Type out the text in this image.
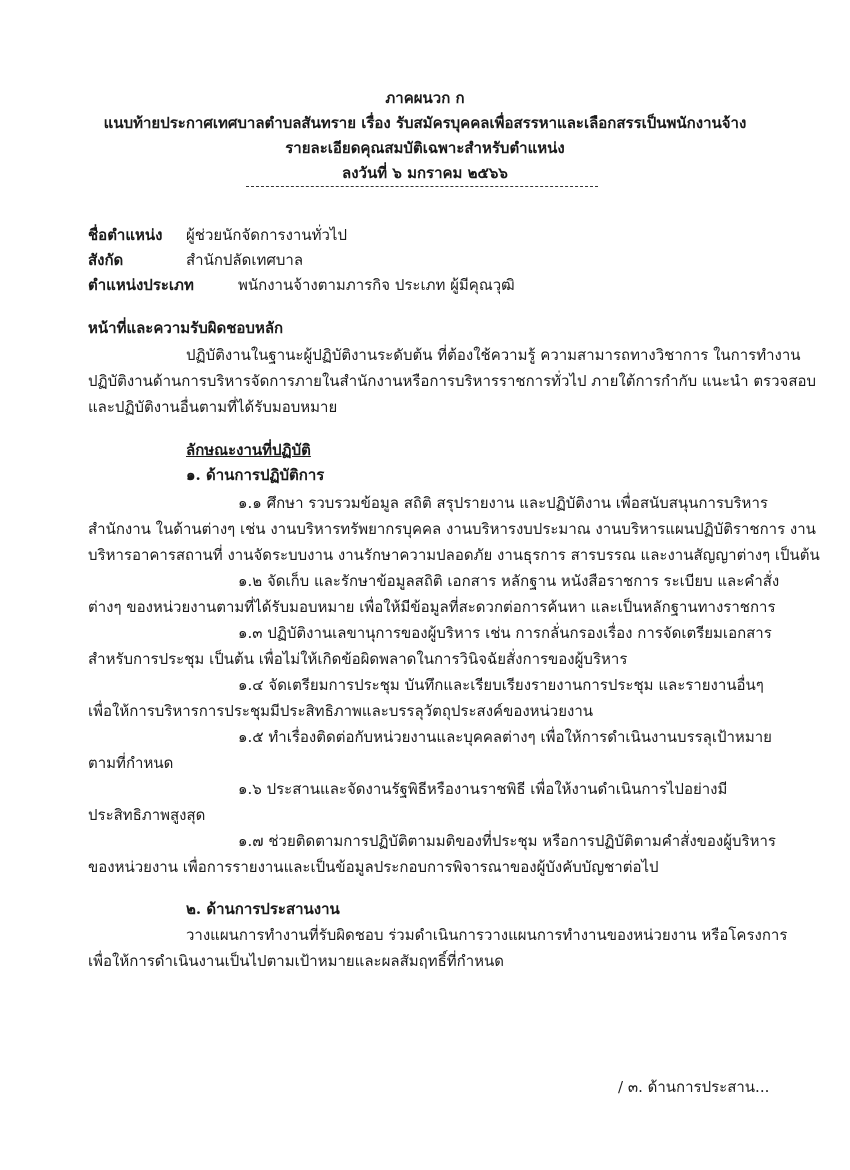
ภาคผนวก ก
แนบท้ายประกาศเทศบาลตำบลสันทราย เรื่อง รับสมัครบุคคลเพื่อสรรหาและเลือกสรรเป็นพนักงานจ้าง
รายละเอียดคุณสมบัติเฉพาะสำหรับตำแหน่ง
ลงวันที่ ๖ มกราคม ๒๕๖๖
ชื่อตำแหน่ง ผู้ช่วยนักจัดการงานทั่วไป
สังกัด	สำนักปลัดเทศบาล
ตำแหน่งประเภท	พนักงานจ้างตามภารกิจ ประเภท ผู้มีคุณวุฒิ
หน้าที่และความรับผิดชอบหลัก
ปฏิบัติงานในฐานะผู้ปฏิบัติงานระดับต้น ที่ต้องใช้ความรู้ ความสามารถทางวิชาการ ในการทำงาน
ปฏิบัติงานด้านการบริหารจัดการภายในสำนักงานหรือการบริหารราชการทั่วไป ภายใต้การกำกับ แนะนำ ตรวจสอบ
และปฏิบัติงานอื่นตามที่ได้รับมอบหมาย
ลักษณะงานที่ปฏิบัติ
๑. ด้านการปฏิบัติการ
๑.๑ ศึกษา รวบรวมข้อมูล สถิติ สรุปรายงาน และปฏิบัติงาน เพื่อสนับสนุนการบริหาร
สำนักงาน ในด้านต่างๆ เช่น งานบริหารทรัพยากรบุคคล งานบริหารงบประมาณ งานบริหารแผนปฏิบัติราชการ งาน
บริหารอาคารสถานที่ งานจัดระบบงาน งานรักษาความปลอดภัย งานธุรการ สารบรรณ และงานสัญญาต่างๆ เป็นต้น
๑.๒ จัดเก็บ และรักษาข้อมูลสถิติ เอกสาร หลักฐาน หนังสือราชการ ระเบียบ และคำสั่ง
ต่างๆ ของหน่วยงานตามที่ได้รับมอบหมาย เพื่อให้มีข้อมูลที่สะดวกต่อการค้นหา และเป็นหลักฐานทางราชการ
๑.๓ ปฏิบัติงานเลขานุการของผู้บริหาร เช่น การกลั่นกรองเรื่อง การจัดเตรียมเอกสาร
สำหรับการประชุม เป็นต้น เพื่อไม่ให้เกิดข้อผิดพลาดในการวินิจฉัยสั่งการของผู้บริหาร
๑.๔ จัดเตรียมการประชุม บันทึกและเรียบเรียงรายงานการประชุม และรายงานอื่นๆ
เพื่อให้การบริหารการประชุมมีประสิทธิภาพและบรรลุวัตถุประสงค์ของหน่วยงาน
๑.๕ ทำเรื่องติดต่อกับหน่วยงานและบุคคลต่างๆ เพื่อให้การดำเนินงานบรรลุเป้าหมาย
ตามที่กำหนด
๑.๖ ประสานและจัดงานรัฐพิธีหรืองานราชพิธี เพื่อให้งานดำเนินการไปอย่างมี
ประสิทธิภาพสูงสุด
๑.๗ ช่วยติดตามการปฏิบัติตามมติของที่ประชุม หรือการปฏิบัติตามคำสั่งของผู้บริหาร
ของหน่วยงาน เพื่อการรายงานและเป็นข้อมูลประกอบการพิจารณาของผู้บังคับบัญชาต่อไป
๒. ด้านการประสานงาน
วางแผนการทำงานที่รับผิดชอบ ร่วมดำเนินการวางแผนการทำงานของหน่วยงาน หรือโครงการ
เพื่อให้การดำเนินงานเป็นไปตามเป้าหมายและผลสัมฤทธิ์ที่กำหนด
/ ๓. ด้านการประสาน...
